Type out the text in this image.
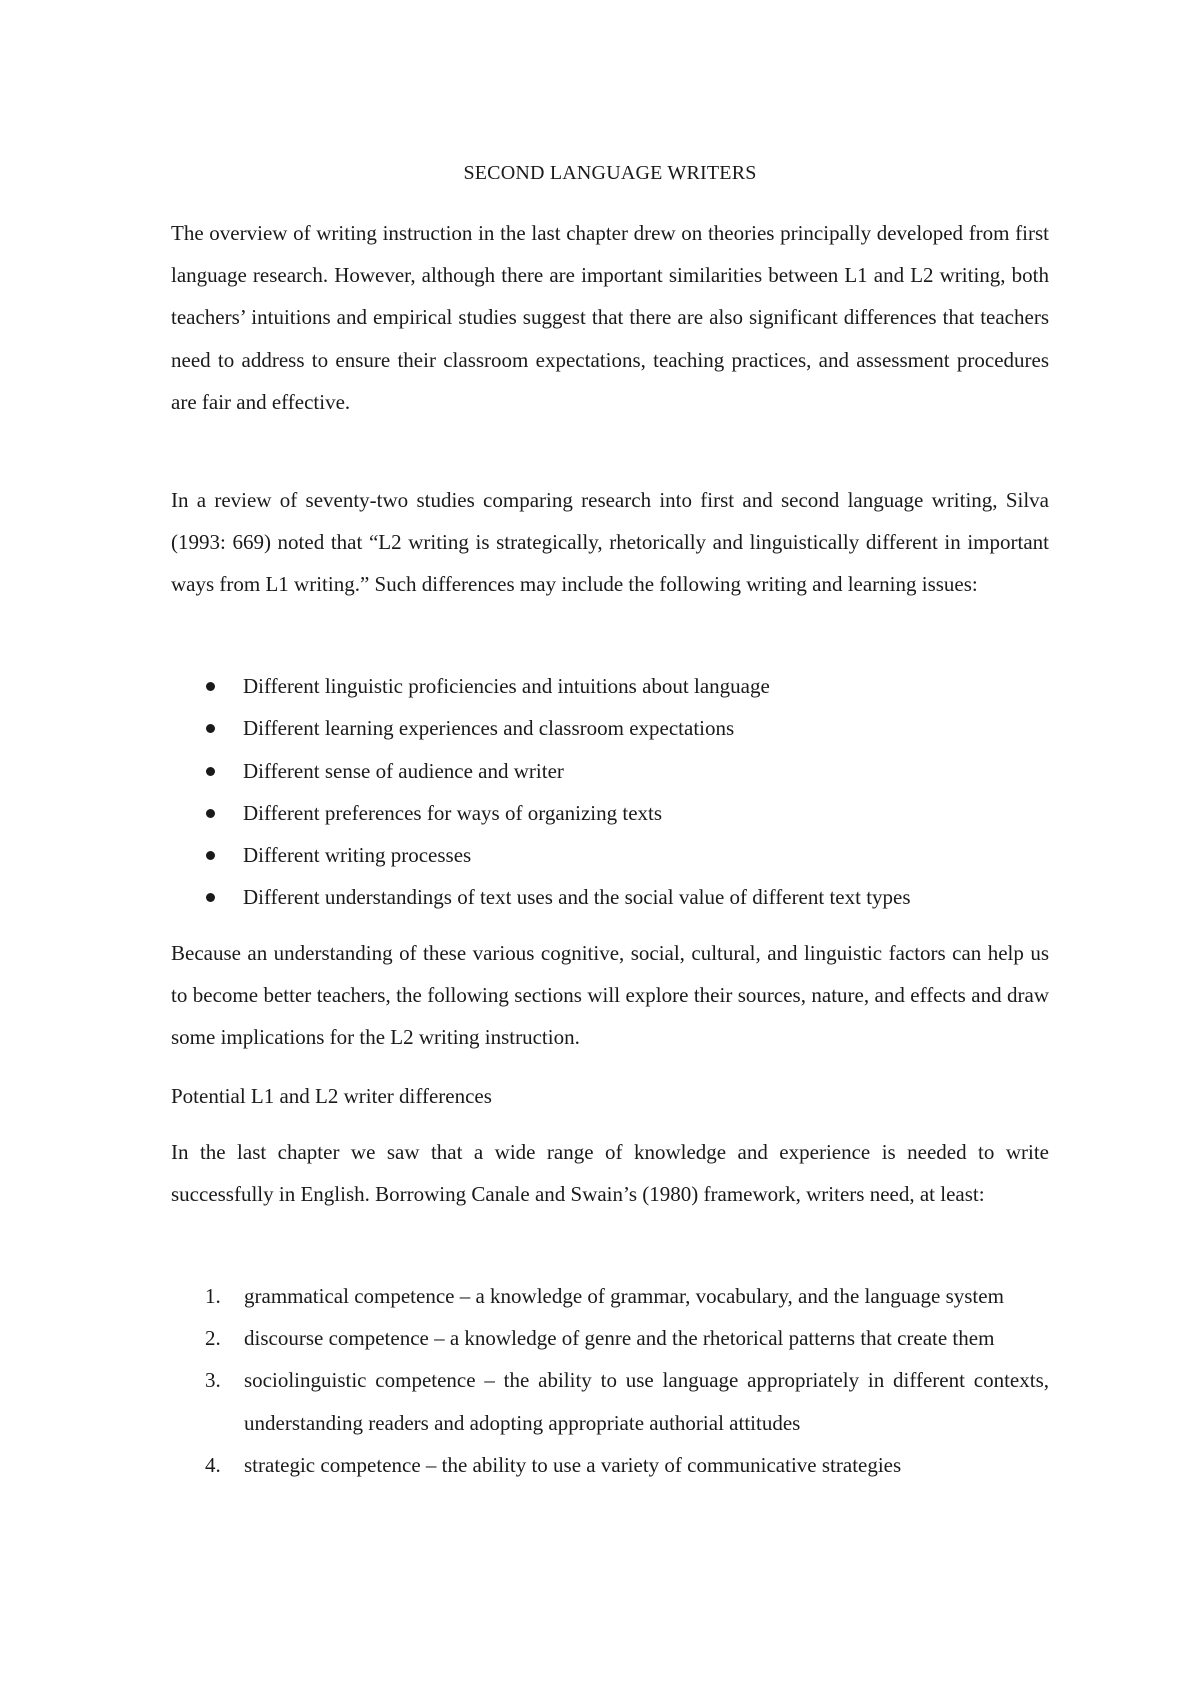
SECOND LANGUAGE WRITERS

The overview of writing instruction in the last chapter drew on theories principally developed from first language research. However, although there are important similarities between L1 and L2 writing, both teachers’ intuitions and empirical studies suggest that there are also significant differences that teachers need to address to ensure their classroom expectations, teaching practices, and assessment procedures are fair and effective.

In a review of seventy-two studies comparing research into first and second language writing, Silva (1993: 669) noted that “L2 writing is strategically, rhetorically and linguistically different in important ways from L1 writing.” Such differences may include the following writing and learning issues:

Different linguistic proficiencies and intuitions about language
Different learning experiences and classroom expectations
Different sense of audience and writer
Different preferences for ways of organizing texts
Different writing processes
Different understandings of text uses and the social value of different text types

Because an understanding of these various cognitive, social, cultural, and linguistic factors can help us to become better teachers, the following sections will explore their sources, nature, and effects and draw some implications for the L2 writing instruction.

Potential L1 and L2 writer differences

In the last chapter we saw that a wide range of knowledge and experience is needed to write successfully in English. Borrowing Canale and Swain’s (1980) framework, writers need, at least:

1. grammatical competence – a knowledge of grammar, vocabulary, and the language system
2. discourse competence – a knowledge of genre and the rhetorical patterns that create them
3. sociolinguistic competence – the ability to use language appropriately in different contexts, understanding readers and adopting appropriate authorial attitudes
4. strategic competence – the ability to use a variety of communicative strategies
